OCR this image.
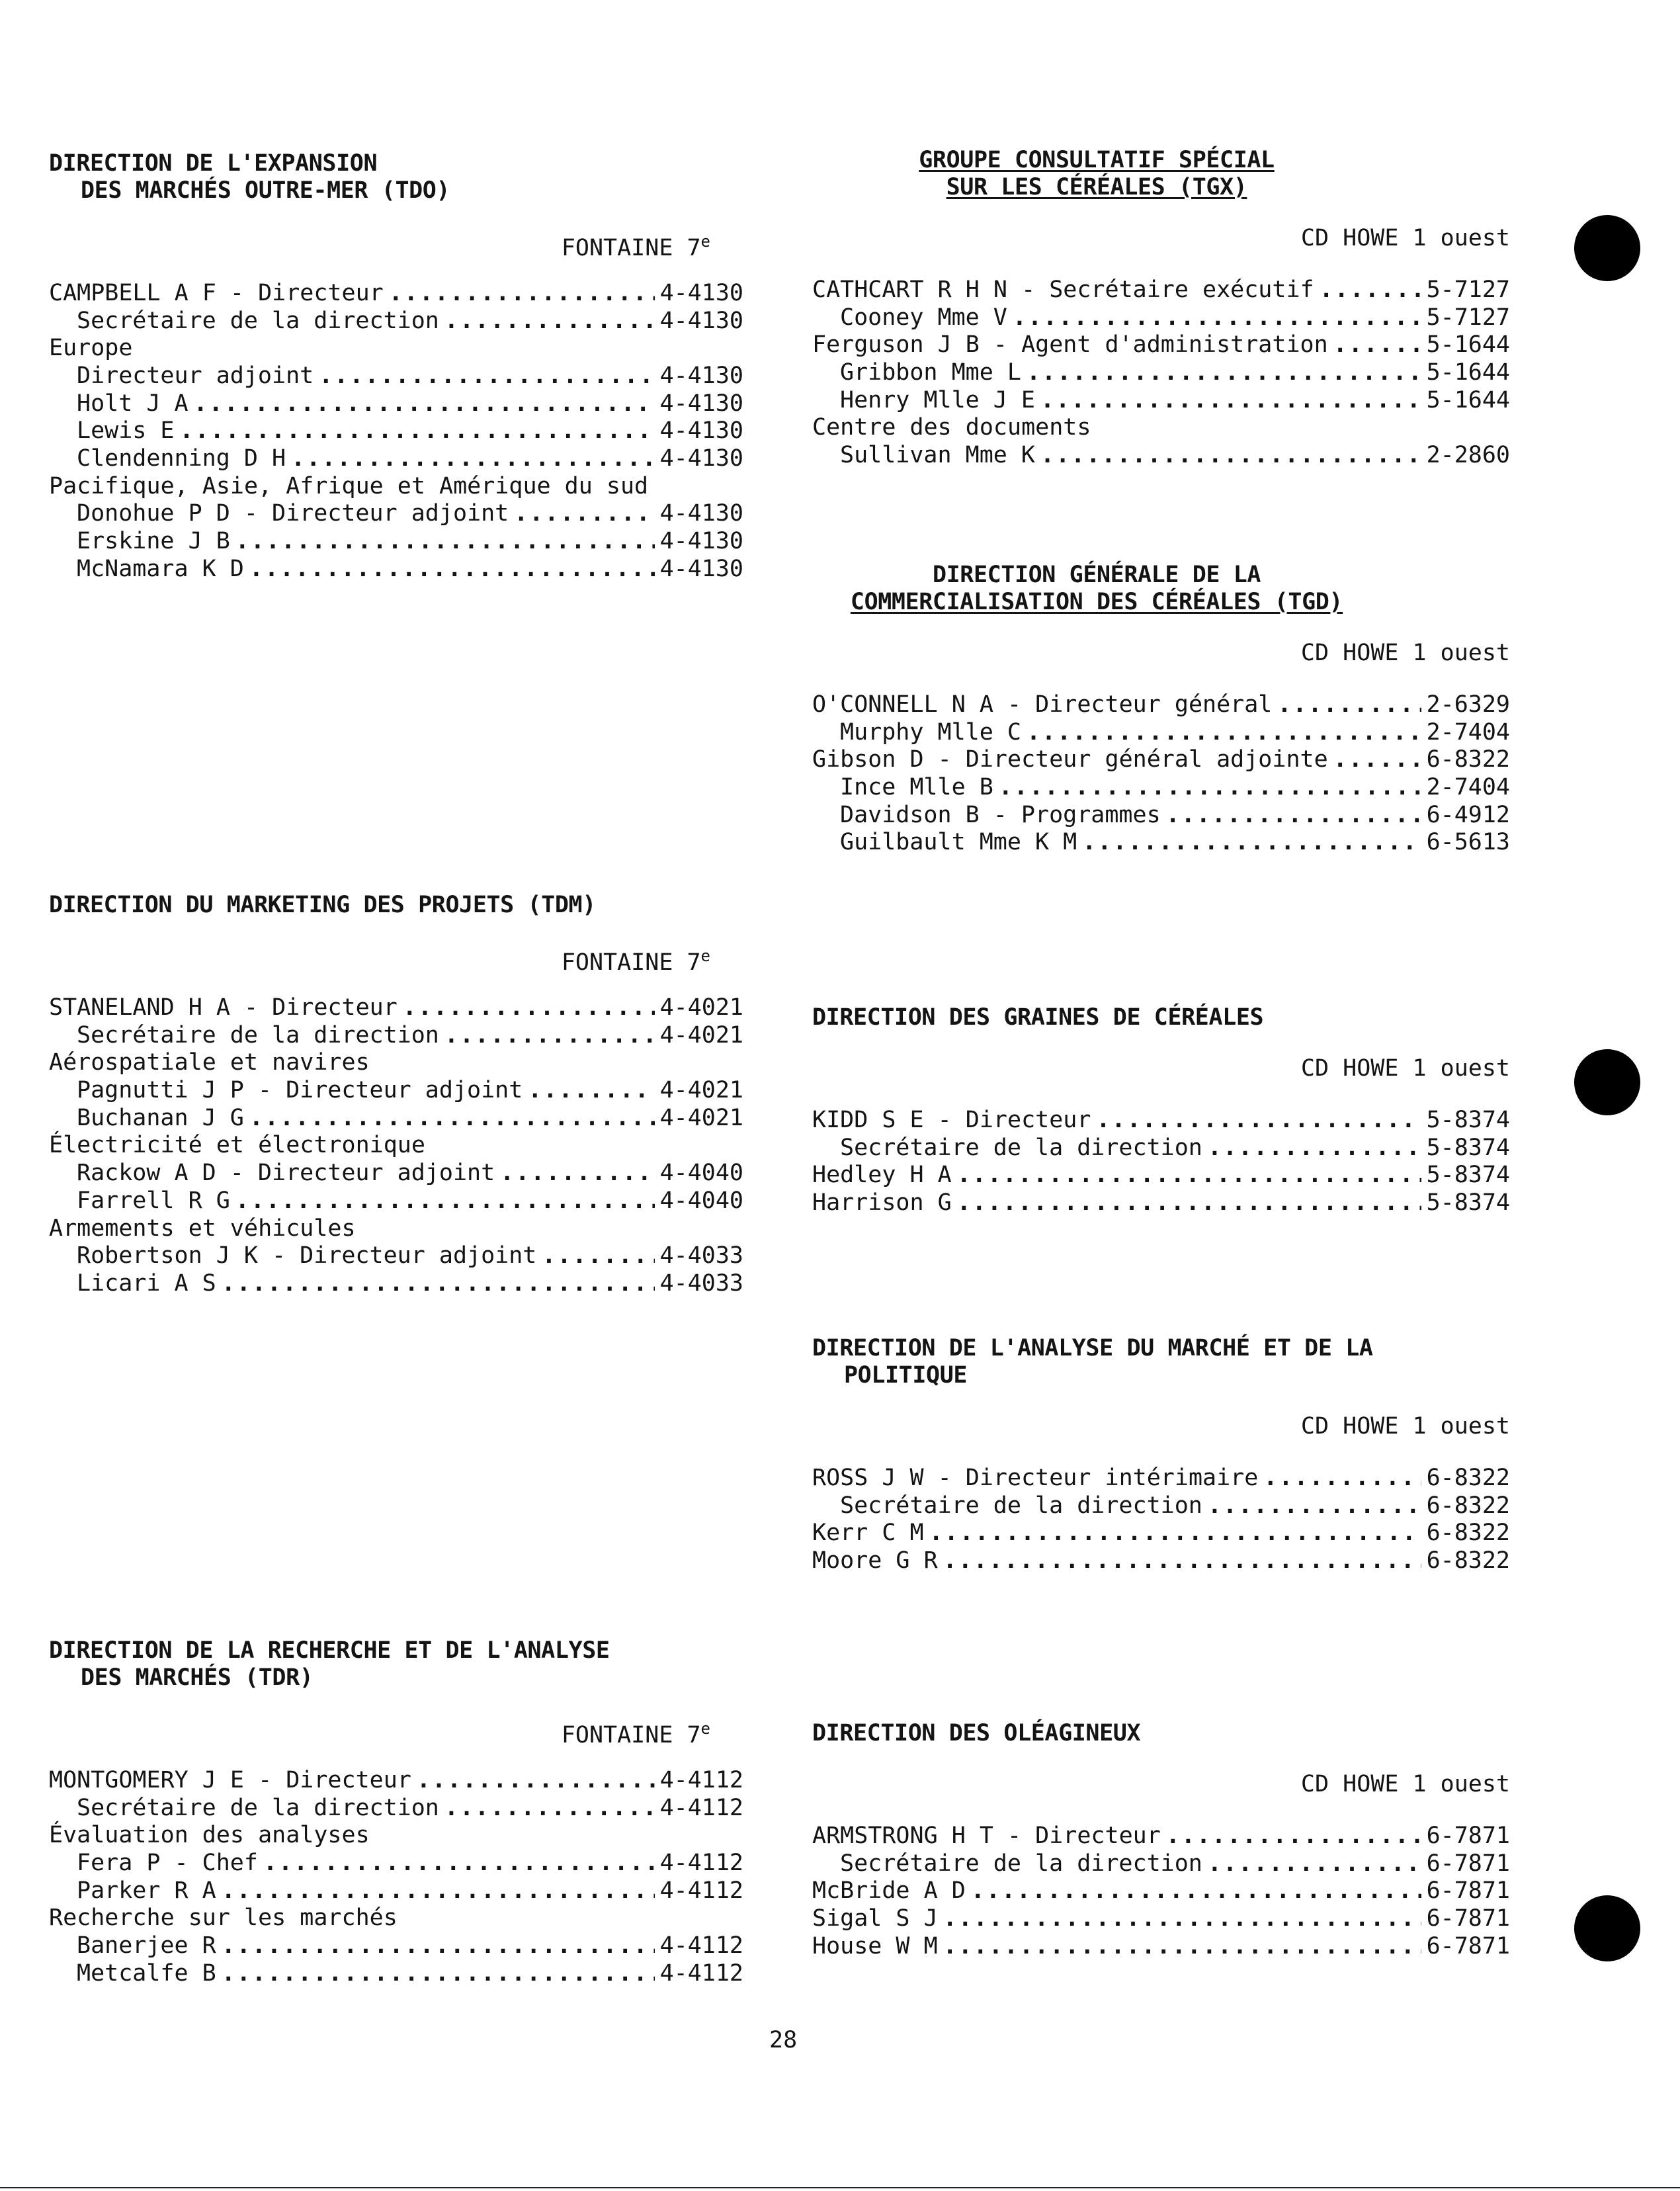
DIRECTION DE L'EXPANSION
DES MARCHÉS OUTRE-MER (TDO)
FONTAINE 7e
CAMPBELL A F - Directeur .....	4-4130
Secrétaire de la direction .....	4-4130
Europe
Directeur adjoint .....	4-4130
Holt J A .....	4-4130
Lewis E .....	4-4130
Clendenning D H .....	4-4130
Pacifique, Asie, Afrique et Amérique du sud
Donohue P D - Directeur adjoint .....	4-4130
Erskine J B .....	4-4130
McNamara K D .....	4-4130
DIRECTION DU MARKETING DES PROJETS (TDM)
FONTAINE 7e
STANELAND H A - Directeur .....	4-4021
Secrétaire de la direction .....	4-4021
Aérospatiale et navires
Pagnutti J P - Directeur adjoint .....	4-4021
Buchanan J G .....	4-4021
Électricité et électronique
Rackow A D - Directeur adjoint .....	4-4040
Farrell R G .....	4-4040
Armements et véhicules
Robertson J K - Directeur adjoint .....	4-4033
Licari A S .....	4-4033
DIRECTION DE LA RECHERCHE ET DE L'ANALYSE
DES MARCHÉS (TDR)
FONTAINE 7e
MONTGOMERY J E - Directeur .....	4-4112
Secrétaire de la direction .....	4-4112
Évaluation des analyses
Fera P - Chef .....	4-4112
Parker R A .....	4-4112
Recherche sur les marchés
Banerjee R .....	4-4112
Metcalfe B .....	4-4112
GROUPE CONSULTATIF SPÉCIAL
SUR LES CÉRÉALES (TGX)
CD HOWE 1 ouest
CATHCART R H N - Secrétaire exécutif .....	5-7127
Cooney Mme V .....	5-7127
Ferguson J B - Agent d'administration .....	5-1644
Gribbon Mme L .....	5-1644
Henry Mlle J E .....	5-1644
Centre des documents
Sullivan Mme K .....	2-2860
DIRECTION GÉNÉRALE DE LA
COMMERCIALISATION DES CÉRÉALES (TGD)
CD HOWE 1 ouest
O'CONNELL N A - Directeur général .....	2-6329
Murphy Mlle C .....	2-7404
Gibson D - Directeur général adjointe .....	6-8322
Ince Mlle B .....	2-7404
Davidson B - Programmes .....	6-4912
Guilbault Mme K M .....	6-5613
DIRECTION DES GRAINES DE CÉRÉALES
CD HOWE 1 ouest
KIDD S E - Directeur .....	5-8374
Secrétaire de la direction .....	5-8374
Hedley H A .....	5-8374
Harrison G .....	5-8374
DIRECTION DE L'ANALYSE DU MARCHÉ ET DE LA
POLITIQUE
CD HOWE 1 ouest
ROSS J W - Directeur intérimaire .....	6-8322
Secrétaire de la direction .....	6-8322
Kerr C M .....	6-8322
Moore G R .....	6-8322
DIRECTION DES OLÉAGINEUX
CD HOWE 1 ouest
ARMSTRONG H T - Directeur .....	6-7871
Secrétaire de la direction .....	6-7871
McBride A D .....	6-7871
Sigal S J .....	6-7871
House W M .....	6-7871
28
